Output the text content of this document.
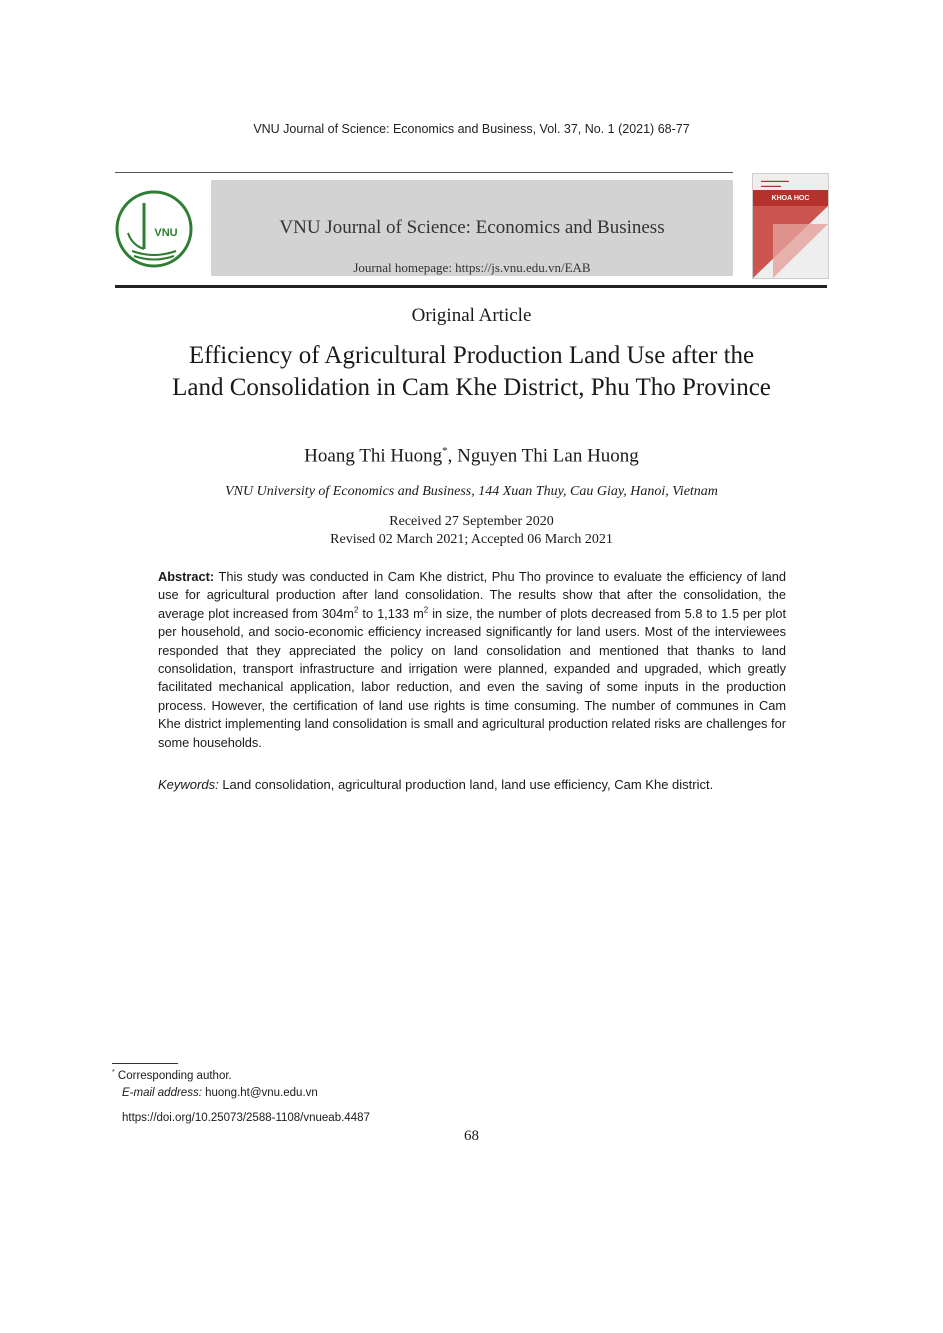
VNU Journal of Science: Economics and Business, Vol. 37, No. 1 (2021) 68-77
VNU	VNU Journal of Science: Economics and Business
Journal homepage: https://js.vnu.edu.vn/EAB
▬▬▬▬▬▬▬
▬▬▬▬▬
KHOA HOC
Original Article
Efficiency of Agricultural Production Land Use after the
Land Consolidation in Cam Khe District, Phu Tho Province
Hoang Thi Huong*, Nguyen Thi Lan Huong
VNU University of Economics and Business, 144 Xuan Thuy, Cau Giay, Hanoi, Vietnam
Received 27 September 2020
Revised 02 March 2021; Accepted 06 March 2021

Abstract: This study was conducted in Cam Khe district, Phu Tho province to evaluate the efficiency of land use for agricultural production after land consolidation. The results show that after the consolidation, the average plot increased from $304m^2$ to 1,133 $m^2$ in size, the number of plots decreased from 5.8 to 1.5 per plot per household, and socio-economic efficiency increased significantly for land users. Most of the interviewees responded that they appreciated the policy on land consolidation and mentioned that thanks to land consolidation, transport infrastructure and irrigation were planned, expanded and upgraded, which greatly facilitated mechanical application, labor reduction, and even the saving of some inputs in the production process. However, the certification of land use rights is time consuming. The number of communes in Cam Khe district implementing land consolidation is small and agricultural production related risks are challenges for some households.

Keywords: Land consolidation, agricultural production land, land use efficiency, Cam Khe district.

* Corresponding author.
E-mail address: huong.ht@vnu.edu.vn
https://doi.org/10.25073/2588-1108/vnueab.4487
68
